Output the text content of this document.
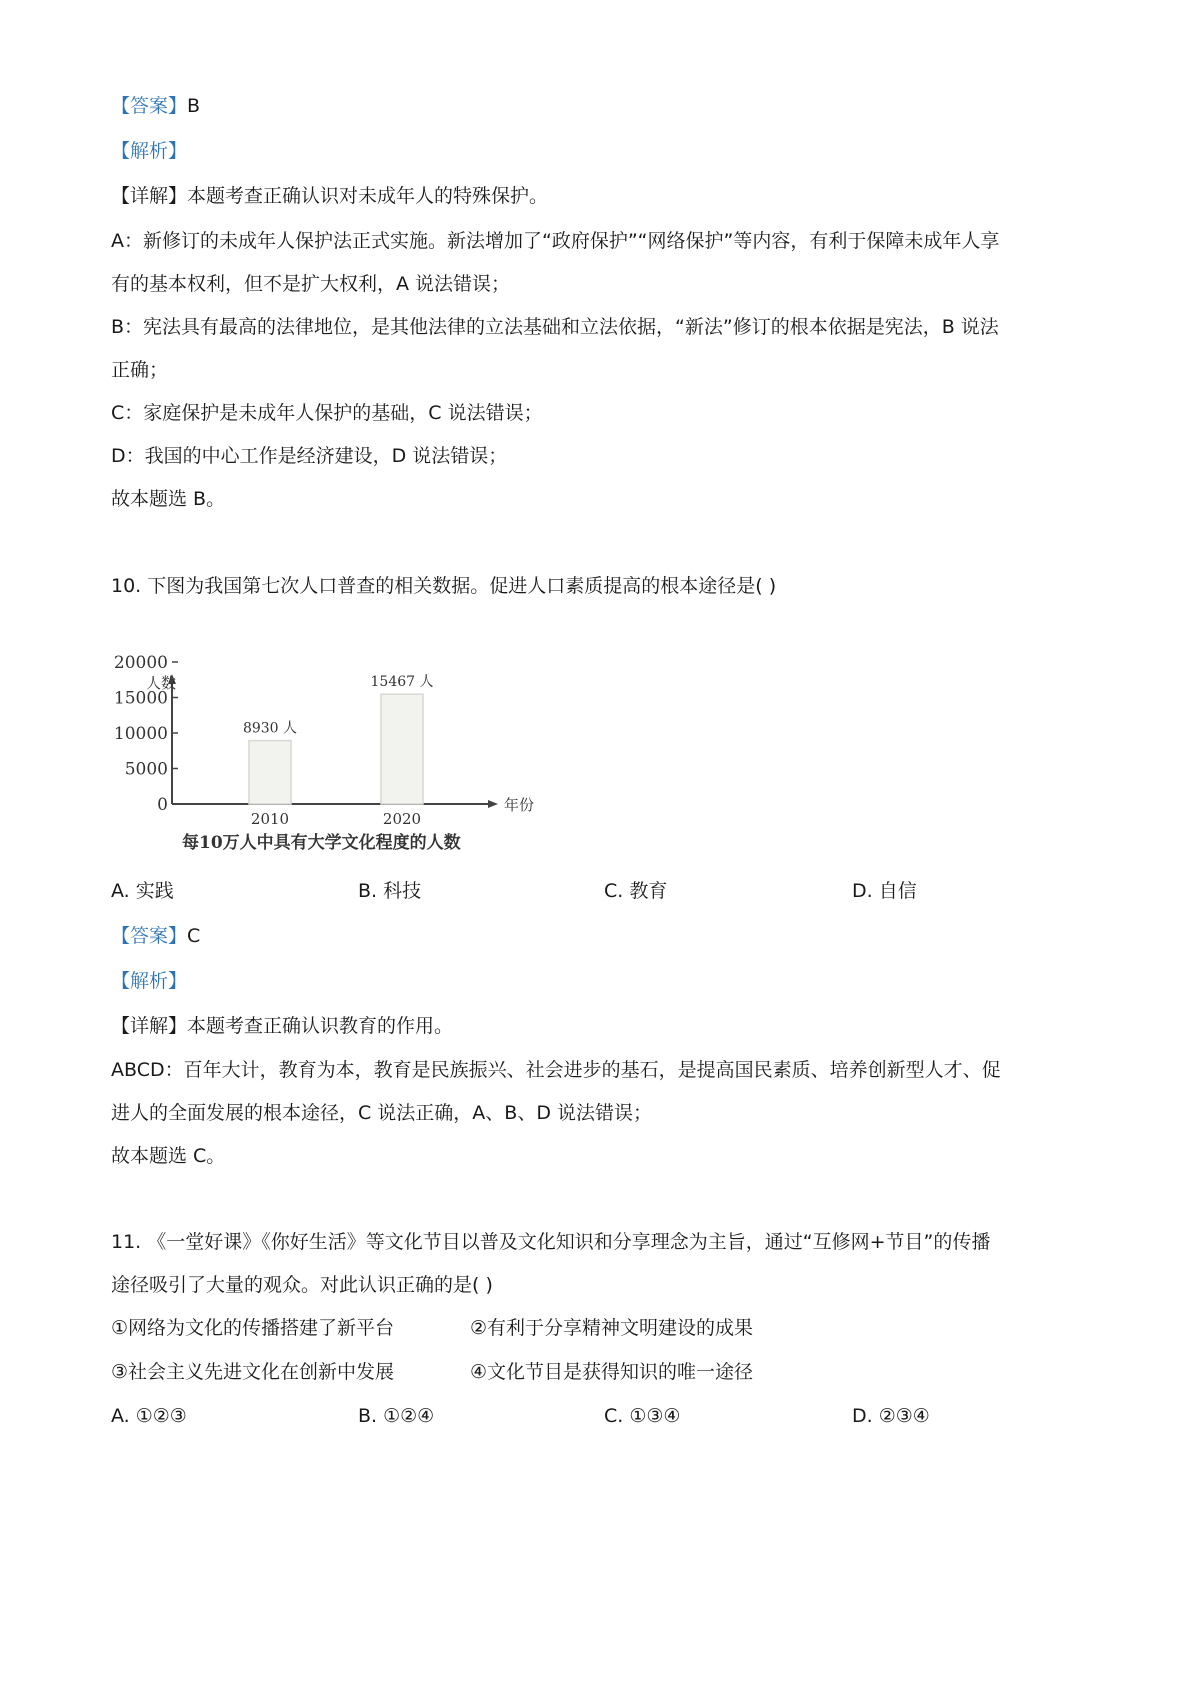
【答案】B
【解析】
【详解】本题考查正确认识对未成年人的特殊保护。
A：新修订的未成年人保护法正式实施。新法增加了“政府保护”“网络保护”等内容，有利于保障未成年人享
有的基本权利，但不是扩大权利，A 说法错误；
B：宪法具有最高的法律地位，是其他法律的立法基础和立法依据，“新法”修订的根本依据是宪法，B 说法
正确；
C：家庭保护是未成年人保护的基础，C 说法错误；
D：我国的中心工作是经济建设，D 说法错误；
故本题选 B。
10. 下图为我国第七次人口普查的相关数据。促进人口素质提高的根本途径是( )
人数
年份
0
5000
10000
15000
20000
8930 人
2010
15467 人
2020
每10万人中具有大学文化程度的人数
A. 实践	B. 科技	C. 教育	D. 自信
【答案】C
【解析】
【详解】本题考查正确认识教育的作用。
ABCD：百年大计，教育为本，教育是民族振兴、社会进步的基石，是提高国民素质、培养创新型人才、促
进人的全面发展的根本途径，C 说法正确，A、B、D 说法错误；
故本题选 C。
11. 《一堂好课》《你好生活》等文化节目以普及文化知识和分享理念为主旨，通过“互修网+节目”的传播
途径吸引了大量的观众。对此认识正确的是( )
①网络为文化的传播搭建了新平台	②有利于分享精神文明建设的成果
③社会主义先进文化在创新中发展	④文化节目是获得知识的唯一途径
A. ①②③	B. ①②④	C. ①③④	D. ②③④
